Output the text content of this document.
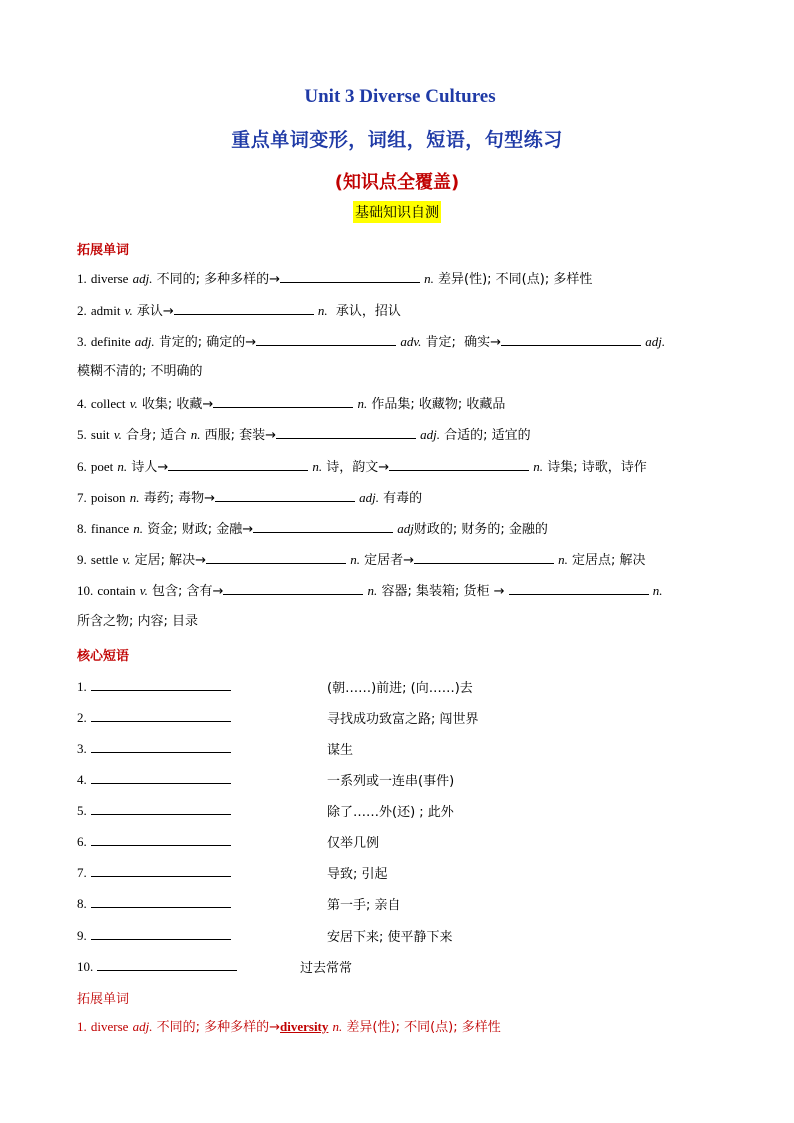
Unit 3 Diverse Cultures
重点单词变形，词组，短语，句型练习
(知识点全覆盖)
基础知识自测
拓展单词
1. diverse adj. 不同的; 多种多样的→	n. 差异(性); 不同(点); 多样性
2. admit v. 承认→	n. 承认，招认
3. definite adj. 肯定的; 确定的→	adv. 肯定; 确实→	adj.
模糊不清的; 不明确的
4. collect v. 收集; 收藏→	n. 作品集; 收藏物; 收藏品
5. suit v. 合身; 适合 n. 西服; 套装→	adj. 合适的; 适宜的
6. poet n. 诗人→	n. 诗，韵文→	n. 诗集; 诗歌，诗作
7. poison n. 毒药; 毒物→	adj. 有毒的
8. finance n. 资金; 财政; 金融→	adj财政的; 财务的; 金融的
9. settle v. 定居; 解决→	n. 定居者→	n. 定居点; 解决
10. contain v. 包含; 含有→	n. 容器; 集装箱; 货柜 →	n.
所含之物; 内容; 目录
核心短语
1.	(朝……)前进; (向……)去
2.	寻找成功致富之路; 闯世界
3.	谋生
4.	一系列或一连串(事件)
5.	除了……外(还) ; 此外
6.	仅举几例
7.	导致; 引起
8.	第一手; 亲自
9.	安居下来; 使平静下来
10.	过去常常
拓展单词
1. diverse adj. 不同的; 多种多样的→diversity n. 差异(性); 不同(点); 多样性
